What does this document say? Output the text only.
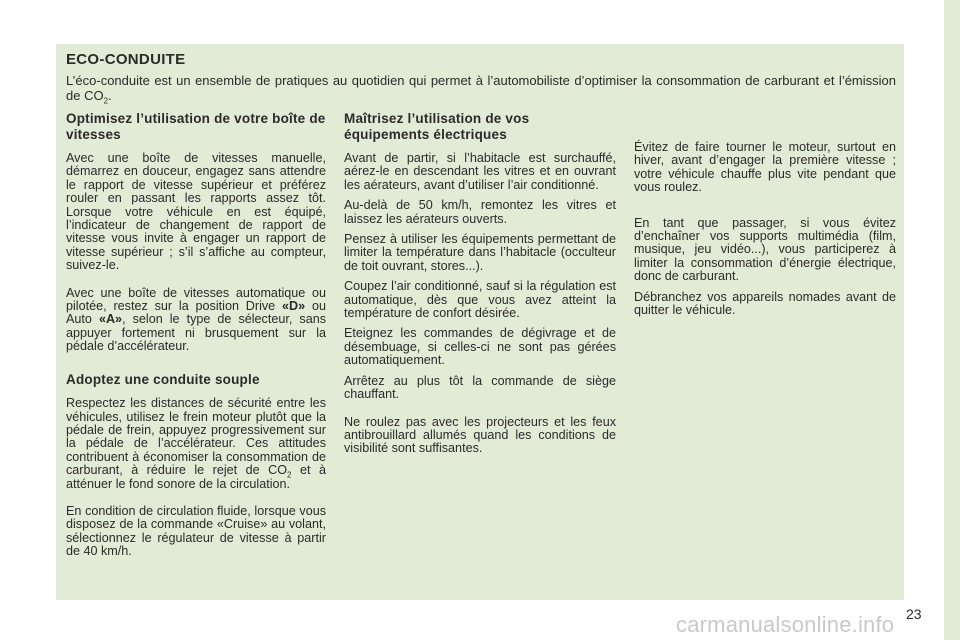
ECO-CONDUITE

L’éco-conduite est un ensemble de pratiques au quotidien qui permet à l’automobiliste d’optimiser la consommation de carburant et l’émission de $CO_2$.

Optimisez l’utilisation de votre boîte de vitesses

Avec une boîte de vitesses manuelle, démarrez en douceur, engagez sans attendre le rapport de vitesse supérieur et préférez rouler en passant les rapports assez tôt. Lorsque votre véhicule en est équipé, l’indicateur de changement de rapport de vitesse vous invite à engager un rapport de vitesse supérieur ; s’il s’affiche au compteur, suivez-le.

Avec une boîte de vitesses automatique ou pilotée, restez sur la position Drive «D» ou Auto «A», selon le type de sélecteur, sans appuyer fortement ni brusquement sur la pédale d’accélérateur.

Adoptez une conduite souple

Respectez les distances de sécurité entre les véhicules, utilisez le frein moteur plutôt que la pédale de frein, appuyez progressivement sur la pédale de l’accélérateur. Ces attitudes contribuent à économiser la consommation de carburant, à réduire le rejet de $CO_2$ et à atténuer le fond sonore de la circulation.

En condition de circulation fluide, lorsque vous disposez de la commande «Cruise» au volant, sélectionnez le régulateur de vitesse à partir de 40 km/h.

Maîtrisez l’utilisation de vos équipements électriques

Avant de partir, si l’habitacle est surchauffé, aérez-le en descendant les vitres et en ouvrant les aérateurs, avant d’utiliser l’air conditionné.

Au-delà de 50 km/h, remontez les vitres et laissez les aérateurs ouverts.

Pensez à utiliser les équipements permettant de limiter la température dans l’habitacle (occulteur de toit ouvrant, stores...).

Coupez l’air conditionné, sauf si la régulation est automatique, dès que vous avez atteint la température de confort désirée.

Eteignez les commandes de dégivrage et de désembuage, si celles-ci ne sont pas gérées automatiquement.

Arrêtez au plus tôt la commande de siège chauffant.

Ne roulez pas avec les projecteurs et les feux antibrouillard allumés quand les conditions de visibilité sont suffisantes.

Évitez de faire tourner le moteur, surtout en hiver, avant d’engager la première vitesse ; votre véhicule chauffe plus vite pendant que vous roulez.

En tant que passager, si vous évitez d’enchaîner vos supports multimédia (film, musique, jeu vidéo...), vous participerez à limiter la consommation d’énergie électrique, donc de carburant.

Débranchez vos appareils nomades avant de quitter le véhicule.

carmanualsonline.info 23
